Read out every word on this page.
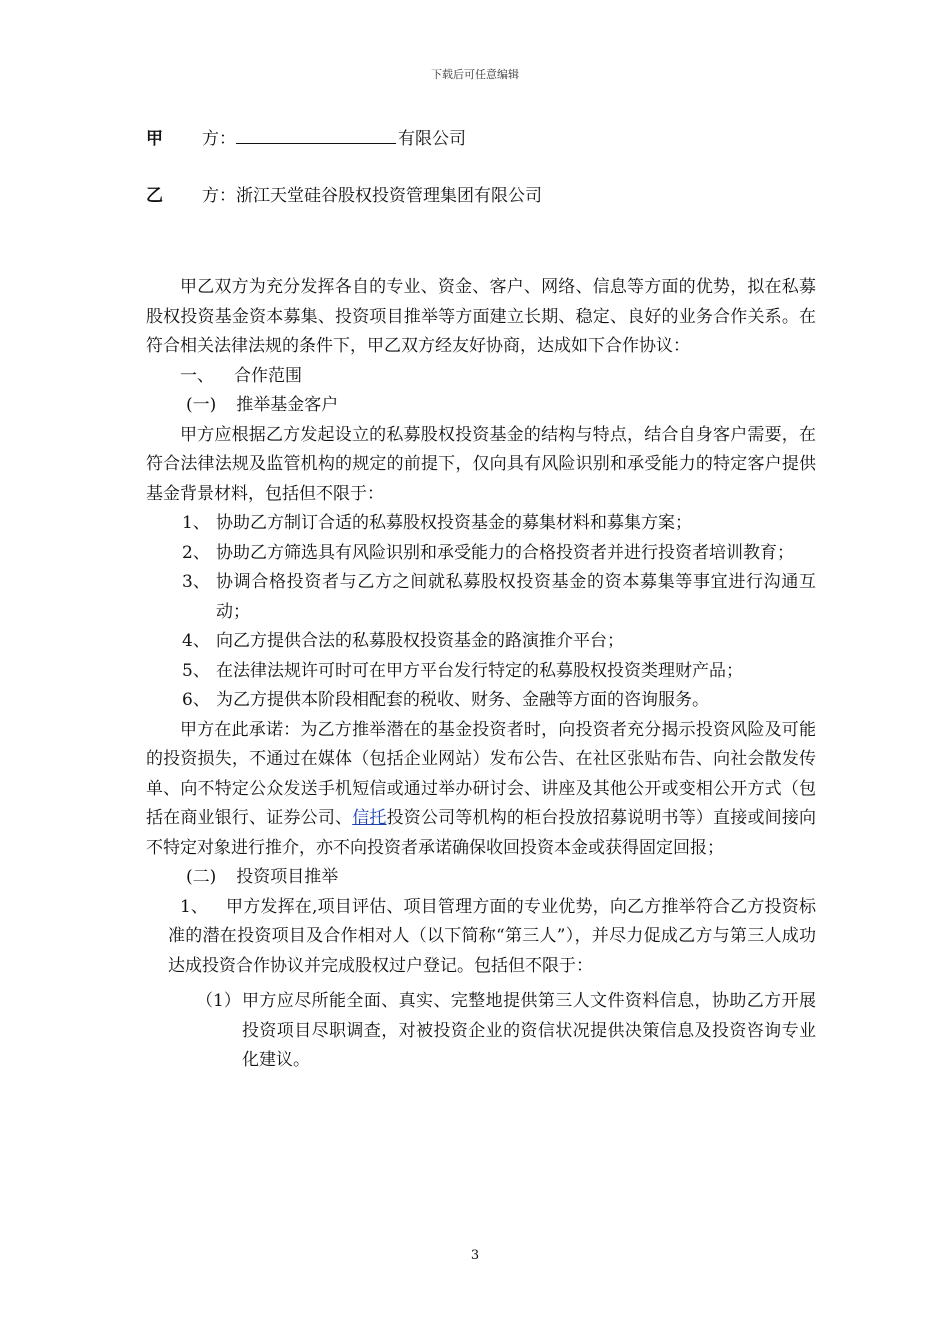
下载后可任意编辑
甲 方：	有限公司
乙 方：浙江天堂硅谷股权投资管理集团有限公司

甲乙双方为充分发挥各自的专业、资金、客户、网络、信息等方面的优势，拟在私募股权投资基金资本募集、投资项目推举等方面建立长期、稳定、良好的业务合作关系。在符合相关法律法规的条件下，甲乙双方经友好协商，达成如下合作协议：

一、 合作范围

(一) 推举基金客户

甲方应根据乙方发起设立的私募股权投资基金的结构与特点，结合自身客户需要，在符合法律法规及监管机构的规定的前提下，仅向具有风险识别和承受能力的特定客户提供基金背景材料，包括但不限于：

1、 协助乙方制订合适的私募股权投资基金的募集材料和募集方案；
2、 协助乙方筛选具有风险识别和承受能力的合格投资者并进行投资者培训教育；
3、 协调合格投资者与乙方之间就私募股权投资基金的资本募集等事宜进行沟通互动；
4、 向乙方提供合法的私募股权投资基金的路演推介平台；
5、 在法律法规许可时可在甲方平台发行特定的私募股权投资类理财产品；
6、 为乙方提供本阶段相配套的税收、财务、金融等方面的咨询服务。

甲方在此承诺：为乙方推举潜在的基金投资者时，向投资者充分揭示投资风险及可能的投资损失，不通过在媒体（包括企业网站）发布公告、在社区张贴布告、向社会散发传单、向不特定公众发送手机短信或通过举办研讨会、讲座及其他公开或变相公开方式（包括在商业银行、证券公司、信托投资公司等机构的柜台投放招募说明书等）直接或间接向不特定对象进行推介，亦不向投资者承诺确保收回投资本金或获得固定回报；

(二) 投资项目推举

1、 甲方发挥在,项目评估、项目管理方面的专业优势，向乙方推举符合乙方投资标准的潜在投资项目及合作相对人（以下简称“第三人”），并尽力促成乙方与第三人成功达成投资合作协议并完成股权过户登记。包括但不限于：
（1） 甲方应尽所能全面、真实、完整地提供第三人文件资料信息，协助乙方开展投资项目尽职调查，对被投资企业的资信状况提供决策信息及投资咨询专业化建议。
3
